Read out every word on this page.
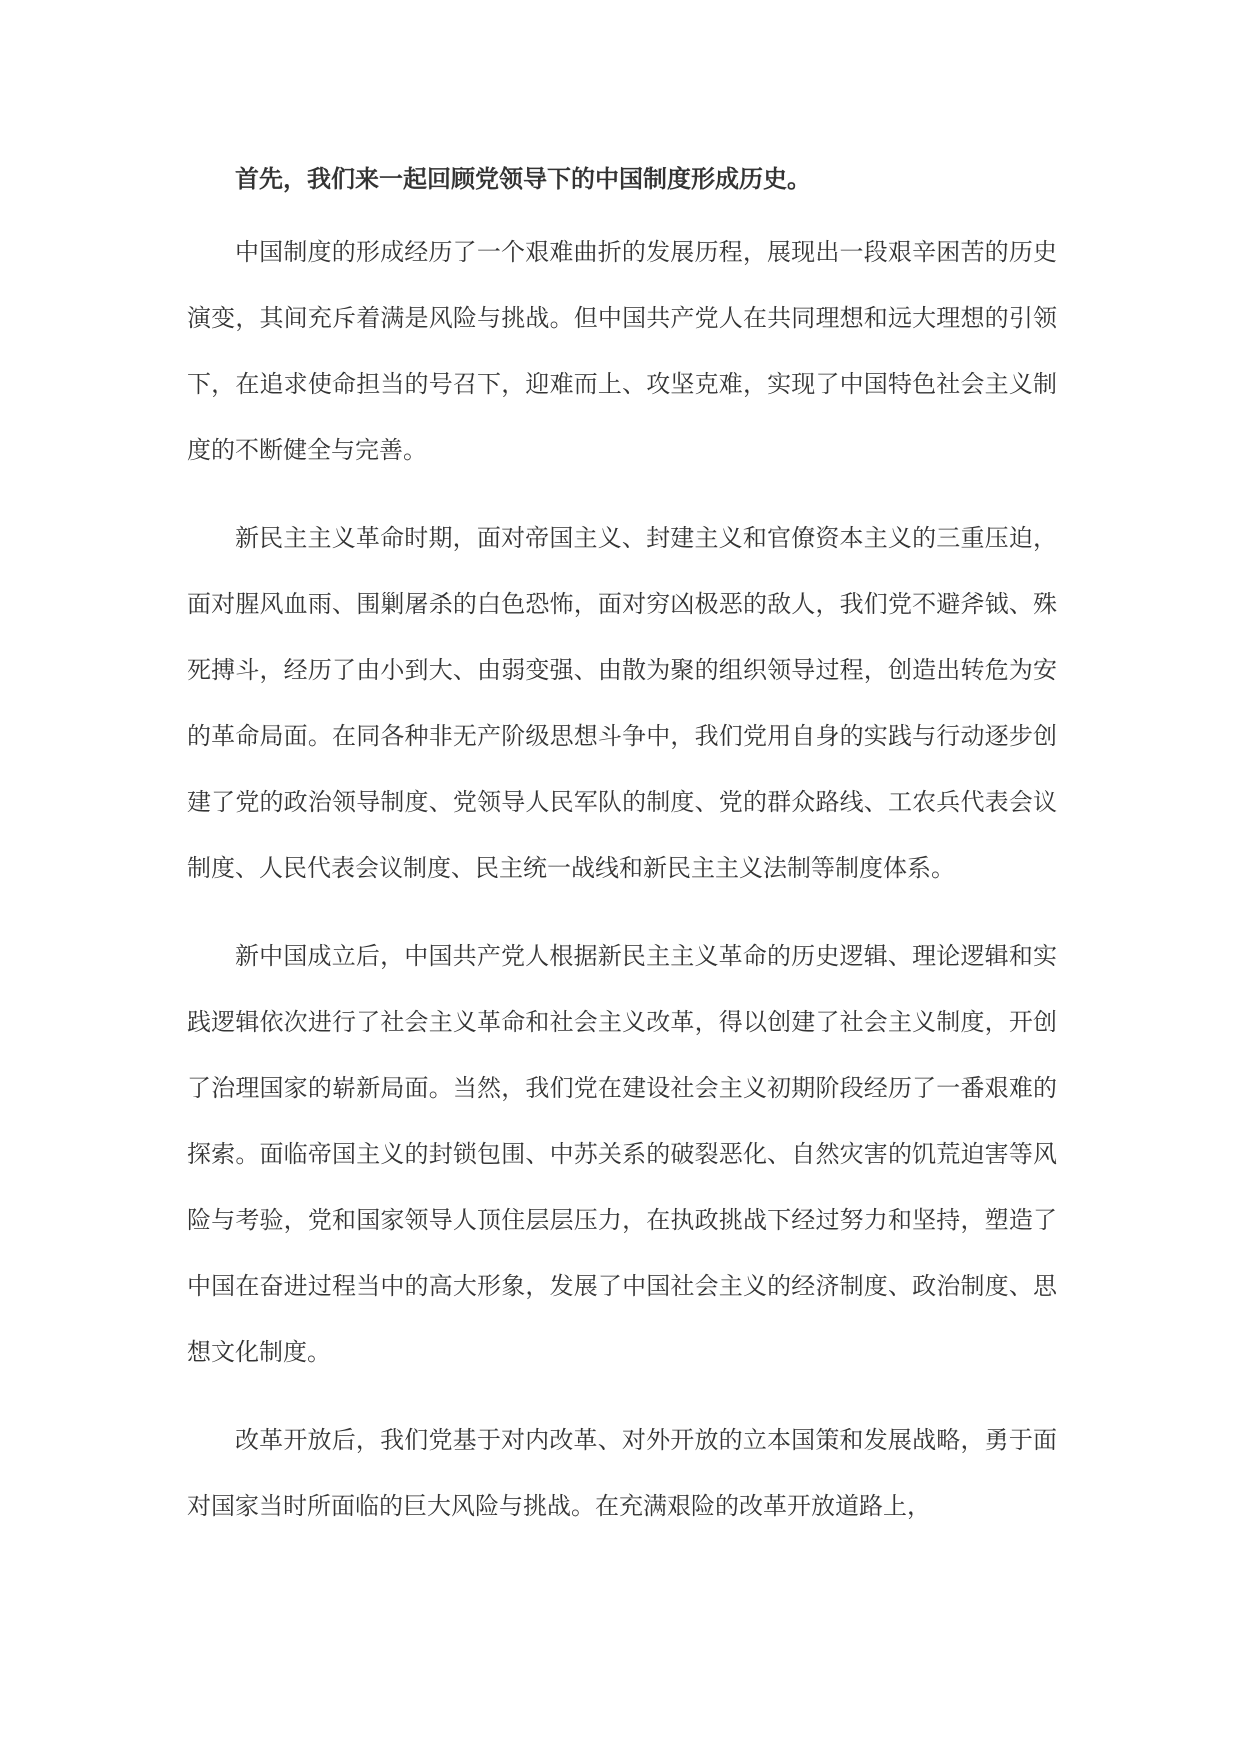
首先，我们来一起回顾党领导下的中国制度形成历史。

中国制度的形成经历了一个艰难曲折的发展历程，展现出一段艰辛困苦的历史演变，其间充斥着满是风险与挑战。但中国共产党人在共同理想和远大理想的引领下，在追求使命担当的号召下，迎难而上、攻坚克难，实现了中国特色社会主义制度的不断健全与完善。

新民主主义革命时期，面对帝国主义、封建主义和官僚资本主义的三重压迫，面对腥风血雨、围剿屠杀的白色恐怖，面对穷凶极恶的敌人，我们党不避斧钺、殊死搏斗，经历了由小到大、由弱变强、由散为聚的组织领导过程，创造出转危为安的革命局面。在同各种非无产阶级思想斗争中，我们党用自身的实践与行动逐步创建了党的政治领导制度、党领导人民军队的制度、党的群众路线、工农兵代表会议制度、人民代表会议制度、民主统一战线和新民主主义法制等制度体系。

新中国成立后，中国共产党人根据新民主主义革命的历史逻辑、理论逻辑和实践逻辑依次进行了社会主义革命和社会主义改革，得以创建了社会主义制度，开创了治理国家的崭新局面。当然，我们党在建设社会主义初期阶段经历了一番艰难的探索。面临帝国主义的封锁包围、中苏关系的破裂恶化、自然灾害的饥荒迫害等风险与考验，党和国家领导人顶住层层压力，在执政挑战下经过努力和坚持，塑造了中国在奋进过程当中的高大形象，发展了中国社会主义的经济制度、政治制度、思想文化制度。

改革开放后，我们党基于对内改革、对外开放的立本国策和发展战略，勇于面对国家当时所面临的巨大风险与挑战。在充满艰险的改革开放道路上，
